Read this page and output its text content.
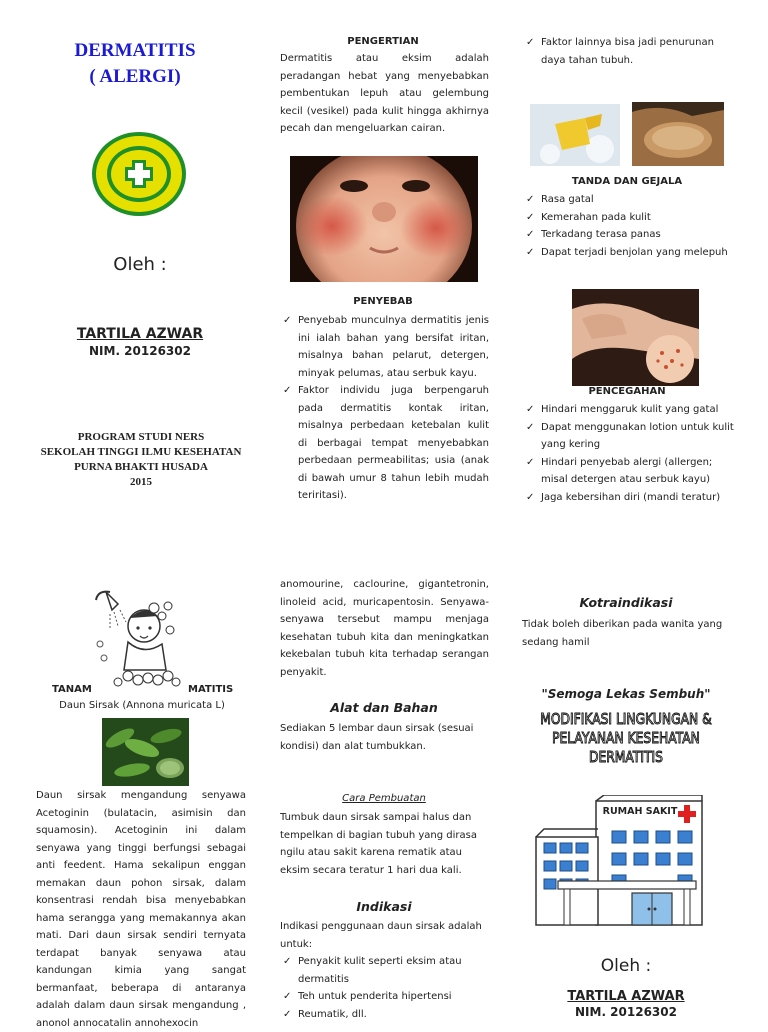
DERMATITIS
( ALERGI)
Oleh :
TARTILA AZWAR
NIM. 20126302
PROGRAM STUDI NERS
SEKOLAH TINGGI ILMU KESEHATAN
PURNA BHAKTI HUSADA
2015
PENGERTIAN
Dermatitis atau eksim adalah peradangan hebat yang menyebabkan pembentukan lepuh atau gelembung kecil (vesikel) pada kulit hingga akhirnya pecah dan mengeluarkan cairan.
PENYEBAB
✓ Penyebab munculnya dermatitis jenis ini ialah bahan yang bersifat iritan, misalnya bahan pelarut, detergen, minyak pelumas, atau serbuk kayu.
✓ Faktor individu juga berpengaruh pada dermatitis kontak iritan, misalnya perbedaan ketebalan kulit di berbagai tempat menyebabkan perbedaan permeabilitas; usia (anak di bawah umur 8 tahun lebih mudah teriritasi).
✓ Faktor lainnya bisa jadi penurunan daya tahan tubuh.
TANDA DAN GEJALA
✓ Rasa gatal
✓ Kemerahan pada kulit
✓ Terkadang terasa panas
✓ Dapat terjadi benjolan yang melepuh
PENCEGAHAN
✓ Hindari menggaruk kulit yang gatal
✓ Dapat menggunakan lotion untuk kulit yang kering
✓ Hindari penyebab alergi (allergen; misal detergen atau serbuk kayu)
✓ Jaga kebersihan diri (mandi teratur)
TANAM	MATITIS
Daun Sirsak (Annona muricata L)
Daun sirsak mengandung senyawa Acetoginin (bulatacin, asimisin dan squamosin). Acetoginin ini dalam senyawa yang tinggi berfungsi sebagai anti feedent. Hama sekalipun enggan memakan daun pohon sirsak, dalam konsentrasi rendah bisa menyebabkan hama serangga yang memakannya akan mati. Dari daun sirsak sendiri ternyata terdapat banyak senyawa atau kandungan kimia yang sangat bermanfaat, beberapa di antaranya adalah dalam daun sirsak mengandung , anonol annocatalin annohexocin
anomourine, caclourine, gigantetronin, linoleid acid, muricapentosin. Senyawa-senyawa tersebut mampu menjaga kesehatan tubuh kita dan meningkatkan kekebalan tubuh kita terhadap serangan penyakit.
Alat dan Bahan
Sediakan 5 lembar daun sirsak (sesuai kondisi) dan alat tumbukkan.
Cara Pembuatan
Tumbuk daun sirsak sampai halus dan tempelkan di bagian tubuh yang dirasa ngilu atau sakit karena rematik atau eksim secara teratur 1 hari dua kali.
Indikasi
Indikasi penggunaan daun sirsak adalah untuk:
✓ Penyakit kulit seperti eksim atau dermatitis
✓ Teh untuk penderita hipertensi
✓ Reumatik, dll.
Kotraindikasi
Tidak boleh diberikan pada wanita yang sedang hamil
"Semoga Lekas Sembuh"
MODIFIKASI LINGKUNGAN &
PELAYANAN KESEHATAN
DERMATITIS
RUMAH SAKIT
Oleh :
TARTILA AZWAR
NIM. 20126302
